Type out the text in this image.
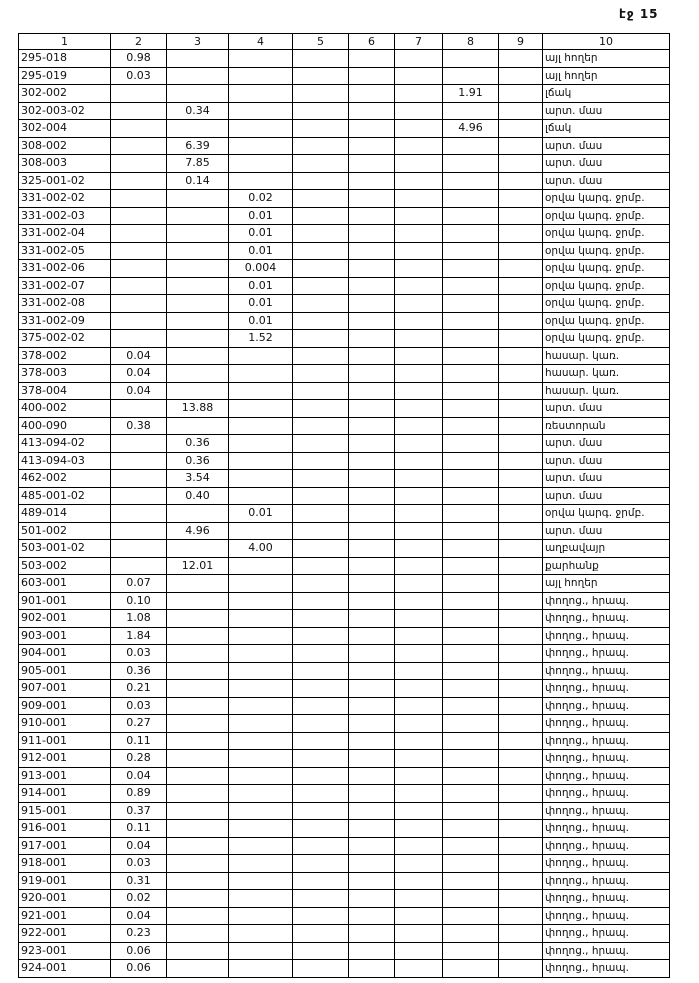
էջ 15
1	2	3	4	5	6	7	8	9	10
295-018	0.98								այլ հողեր
295-019	0.03								այլ հողեր
302-002							1.91		լճակ
302-003-02		0.34							արտ. մաս
302-004							4.96		լճակ
308-002		6.39							արտ. մաս
308-003		7.85							արտ. մաս
325-001-02		0.14							արտ. մաս
331-002-02			0.02						օրվա կարգ. ջրմբ.
331-002-03			0.01						օրվա կարգ. ջրմբ.
331-002-04			0.01						օրվա կարգ. ջրմբ.
331-002-05			0.01						օրվա կարգ. ջրմբ.
331-002-06			0.004						օրվա կարգ. ջրմբ.
331-002-07			0.01						օրվա կարգ. ջրմբ.
331-002-08			0.01						օրվա կարգ. ջրմբ.
331-002-09			0.01						օրվա կարգ. ջրմբ.
375-002-02			1.52						օրվա կարգ. ջրմբ.
378-002	0.04								հասար. կառ.
378-003	0.04								հասար. կառ.
378-004	0.04								հասար. կառ.
400-002		13.88							արտ. մաս
400-090	0.38								ռեստորան
413-094-02		0.36							արտ. մաս
413-094-03		0.36							արտ. մաս
462-002		3.54							արտ. մաս
485-001-02		0.40							արտ. մաս
489-014			0.01						օրվա կարգ. ջրմբ.
501-002		4.96							արտ. մաս
503-001-02			4.00						աղբավայր
503-002		12.01							քարհանք
603-001	0.07								այլ հողեր
901-001	0.10								փողոց., հրապ.
902-001	1.08								փողոց., հրապ.
903-001	1.84								փողոց., հրապ.
904-001	0.03								փողոց., հրապ.
905-001	0.36								փողոց., հրապ.
907-001	0.21								փողոց., հրապ.
909-001	0.03								փողոց., հրապ.
910-001	0.27								փողոց., հրապ.
911-001	0.11								փողոց., հրապ.
912-001	0.28								փողոց., հրապ.
913-001	0.04								փողոց., հրապ.
914-001	0.89								փողոց., հրապ.
915-001	0.37								փողոց., հրապ.
916-001	0.11								փողոց., հրապ.
917-001	0.04								փողոց., հրապ.
918-001	0.03								փողոց., հրապ.
919-001	0.31								փողոց., հրապ.
920-001	0.02								փողոց., հրապ.
921-001	0.04								փողոց., հրապ.
922-001	0.23								փողոց., հրապ.
923-001	0.06								փողոց., հրապ.
924-001	0.06								փողոց., հրապ.
